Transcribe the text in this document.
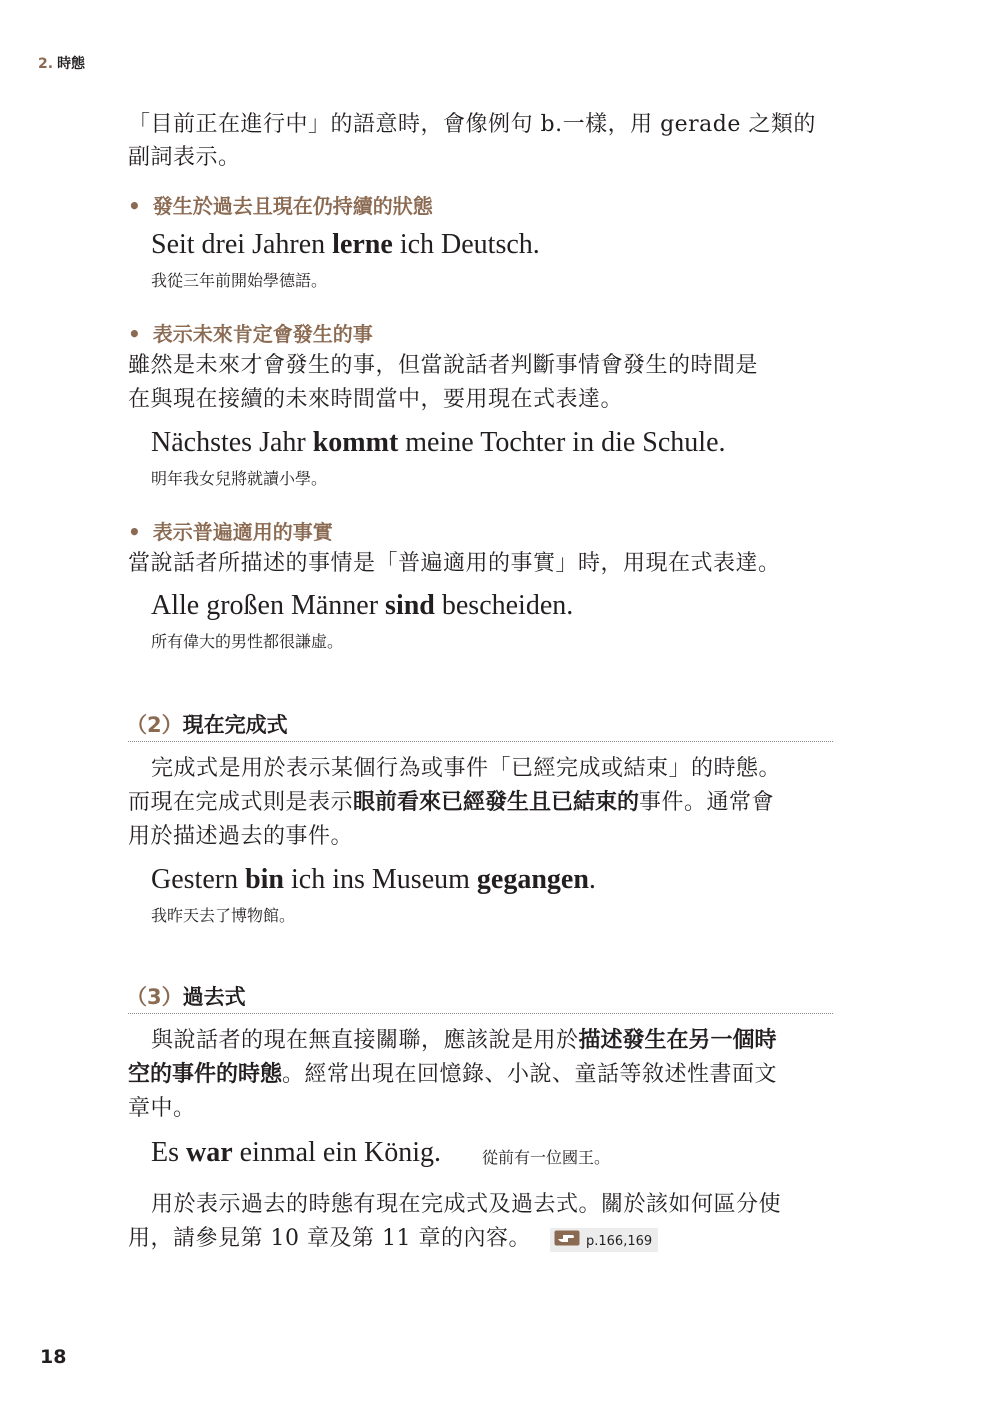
2. 時態
「目前正在進行中」的語意時，會像例句 b.一樣，用 gerade 之類的
副詞表示。
• 發生於過去且現在仍持續的狀態
Seit drei Jahren lerne ich Deutsch.
我從三年前開始學德語。
• 表示未來肯定會發生的事
雖然是未來才會發生的事，但當說話者判斷事情會發生的時間是
在與現在接續的未來時間當中，要用現在式表達。
Nächstes Jahr kommt meine Tochter in die Schule.
明年我女兒將就讀小學。
• 表示普遍適用的事實
當說話者所描述的事情是「普遍適用的事實」時，用現在式表達。
Alle großen Männer sind bescheiden.
所有偉大的男性都很謙虛。
（2）現在完成式
完成式是用於表示某個行為或事件「已經完成或結束」的時態。
而現在完成式則是表示眼前看來已經發生且已結束的事件。通常會
用於描述過去的事件。
Gestern bin ich ins Museum gegangen.
我昨天去了博物館。
（3）過去式
與說話者的現在無直接關聯，應該說是用於描述發生在另一個時
空的事件的時態。經常出現在回憶錄、小說、童話等敘述性書面文
章中。
Es war einmal ein König.	從前有一位國王。
用於表示過去的時態有現在完成式及過去式。關於該如何區分使
用，請參見第 10 章及第 11 章的內容。	p.166,169
18
